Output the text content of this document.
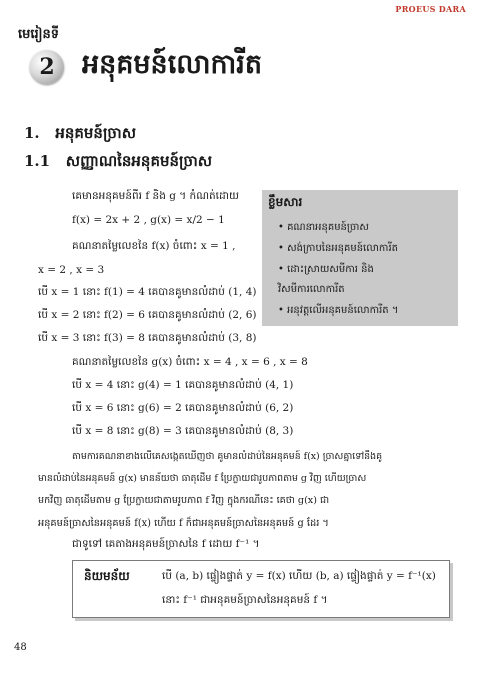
PROEUS DARA
មេរៀនទី
2	អនុគមន៍លោការីត
1. អនុគមន៍ច្រាស
1.1 សញ្ញាណនៃអនុគមន៍ច្រាស
គេមានអនុគមន៍ពីរ f និង g ។ កំណត់ដោយ
f(x) = 2x + 2 , g(x) = x/2 − 1
គណនាតម្លៃលេខនៃ f(x) ចំពោះ x = 1 ,
x = 2 , x = 3
បើ x = 1 នោះ f(1) = 4 គេបានគូមានលំដាប់ (1, 4)
បើ x = 2 នោះ f(2) = 6 គេបានគូមានលំដាប់ (2, 6)
បើ x = 3 នោះ f(3) = 8 គេបានគូមានលំដាប់ (3, 8)
គណនាតម្លៃលេខនៃ g(x) ចំពោះ x = 4 , x = 6 , x = 8
បើ x = 4 នោះ g(4) = 1 គេបានគូមានលំដាប់ (4, 1)
បើ x = 6 នោះ g(6) = 2 គេបានគូមានលំដាប់ (6, 2)
បើ x = 8 នោះ g(8) = 3 គេបានគូមានលំដាប់ (8, 3)
តាមការគណនាខាងលើគេសង្កេតឃើញថា គូមានលំដាប់នៃអនុគមន៍ f(x) ច្រាសគ្នាទៅនឹងគូ
មានលំដាប់នៃអនុគមន៍ g(x) មានន័យថា ធាតុដើម f ប្រែក្លាយជារូបភាពតាម g វិញ ហើយច្រាស
មកវិញ ធាតុដើមតាម g ប្រែក្លាយជាតាមរូបភាព f វិញ ក្នុងករណីនេះ គេថា g(x) ជា
អនុគមន៍ច្រាសនៃអនុគមន៍ f(x) ហើយ f ក៏ជាអនុគមន៍ច្រាសនៃអនុគមន៍ g ដែរ ។
ជាទូទៅ គេតាងអនុគមន៍ច្រាសនៃ f ដោយ f⁻¹ ។
ខ្លឹមសារ
• គណនាអនុគមន៍ច្រាស
• សង់ក្រាបនៃអនុគមន៍លោការីត
• ដោះស្រាយសមីការ និង
វិសមីការលោការីត
• អនុវត្តលើអនុគមន៍លោការីត ។
និយមន័យ	បើ (a, b) ផ្ទៀងផ្ទាត់ y = f(x) ហើយ (b, a) ផ្ទៀងផ្ទាត់ y = f⁻¹(x)
នោះ f⁻¹ ជាអនុគមន៍ច្រាសនៃអនុគមន៍ f ។
48
